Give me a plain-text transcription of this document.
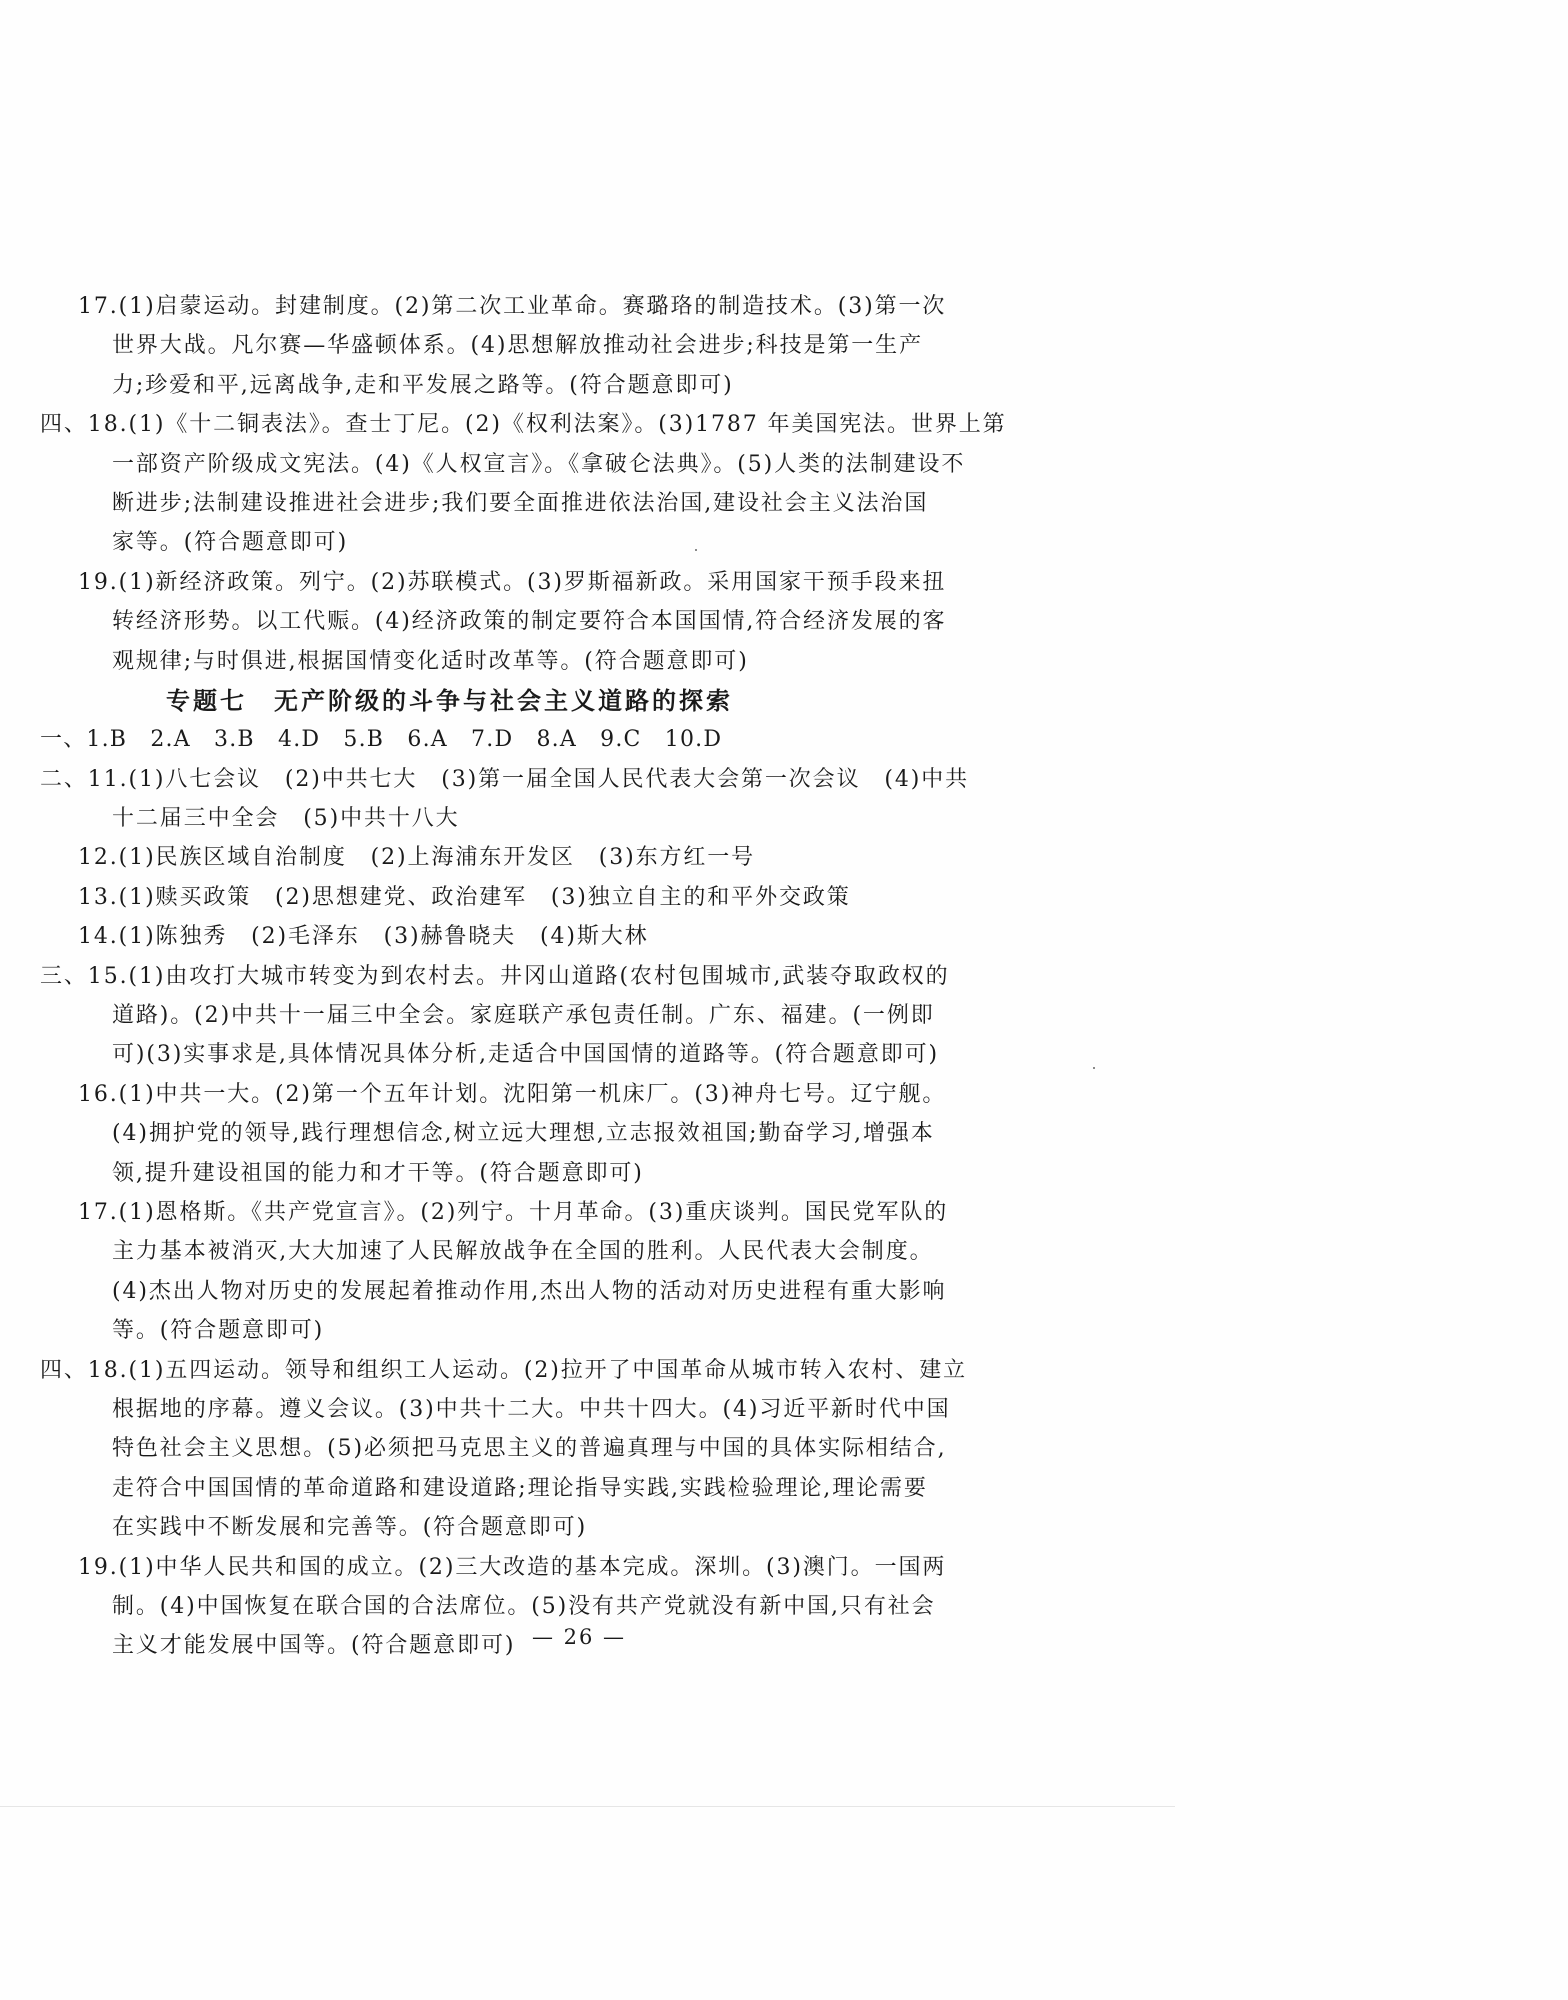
17.(1)启蒙运动。封建制度。(2)第二次工业革命。赛璐珞的制造技术。(3)第一次
世界大战。凡尔赛—华盛顿体系。(4)思想解放推动社会进步;科技是第一生产
力;珍爱和平,远离战争,走和平发展之路等。(符合题意即可)
四、18.(1)《十二铜表法》。查士丁尼。(2)《权利法案》。(3)1787 年美国宪法。世界上第
一部资产阶级成文宪法。(4)《人权宣言》。《拿破仑法典》。(5)人类的法制建设不
断进步;法制建设推进社会进步;我们要全面推进依法治国,建设社会主义法治国
家等。(符合题意即可)
19.(1)新经济政策。列宁。(2)苏联模式。(3)罗斯福新政。采用国家干预手段来扭
转经济形势。以工代赈。(4)经济政策的制定要符合本国国情,符合经济发展的客
观规律;与时俱进,根据国情变化适时改革等。(符合题意即可)
专题七　无产阶级的斗争与社会主义道路的探索
一、1.B　2.A　3.B　4.D　5.B　6.A　7.D　8.A　9.C　10.D
二、11.(1)八七会议　(2)中共七大　(3)第一届全国人民代表大会第一次会议　(4)中共
十二届三中全会　(5)中共十八大
12.(1)民族区域自治制度　(2)上海浦东开发区　(3)东方红一号
13.(1)赎买政策　(2)思想建党、政治建军　(3)独立自主的和平外交政策
14.(1)陈独秀　(2)毛泽东　(3)赫鲁晓夫　(4)斯大林
三、15.(1)由攻打大城市转变为到农村去。井冈山道路(农村包围城市,武装夺取政权的
道路)。(2)中共十一届三中全会。家庭联产承包责任制。广东、福建。(一例即
可)(3)实事求是,具体情况具体分析,走适合中国国情的道路等。(符合题意即可)
16.(1)中共一大。(2)第一个五年计划。沈阳第一机床厂。(3)神舟七号。辽宁舰。
(4)拥护党的领导,践行理想信念,树立远大理想,立志报效祖国;勤奋学习,增强本
领,提升建设祖国的能力和才干等。(符合题意即可)
17.(1)恩格斯。《共产党宣言》。(2)列宁。十月革命。(3)重庆谈判。国民党军队的
主力基本被消灭,大大加速了人民解放战争在全国的胜利。人民代表大会制度。
(4)杰出人物对历史的发展起着推动作用,杰出人物的活动对历史进程有重大影响
等。(符合题意即可)
四、18.(1)五四运动。领导和组织工人运动。(2)拉开了中国革命从城市转入农村、建立
根据地的序幕。遵义会议。(3)中共十二大。中共十四大。(4)习近平新时代中国
特色社会主义思想。(5)必须把马克思主义的普遍真理与中国的具体实际相结合,
走符合中国国情的革命道路和建设道路;理论指导实践,实践检验理论,理论需要
在实践中不断发展和完善等。(符合题意即可)
19.(1)中华人民共和国的成立。(2)三大改造的基本完成。深圳。(3)澳门。一国两
制。(4)中国恢复在联合国的合法席位。(5)没有共产党就没有新中国,只有社会
主义才能发展中国等。(符合题意即可) — 26 —
